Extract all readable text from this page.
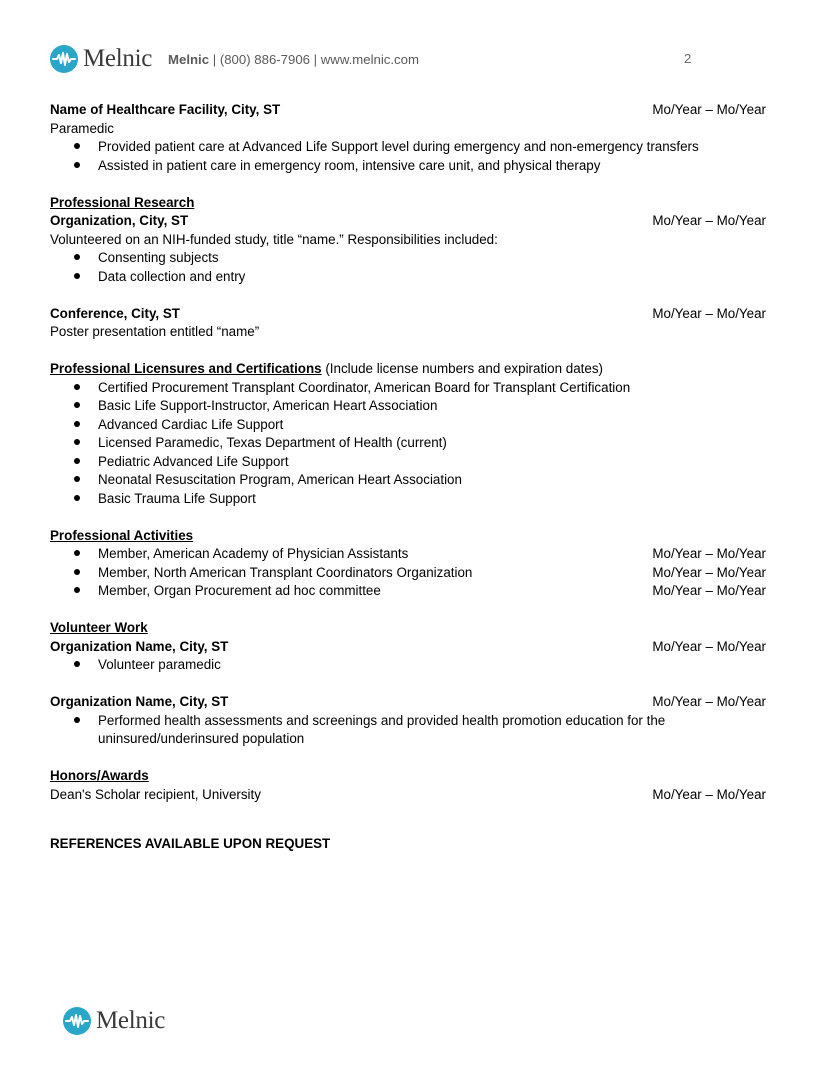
Melnic Melnic | (800) 886-7906 | www.melnic.com	2
Name of Healthcare Facility, City, ST	Mo/Year – Mo/Year
Paramedic
Provided patient care at Advanced Life Support level during emergency and non-emergency transfers
Assisted in patient care in emergency room, intensive care unit, and physical therapy
Professional Research
Organization, City, ST	Mo/Year – Mo/Year
Volunteered on an NIH-funded study, title “name.” Responsibilities included:
Consenting subjects
Data collection and entry
Conference, City, ST	Mo/Year – Mo/Year
Poster presentation entitled “name”
Professional Licensures and Certifications (Include license numbers and expiration dates)
Certified Procurement Transplant Coordinator, American Board for Transplant Certification
Basic Life Support-Instructor, American Heart Association
Advanced Cardiac Life Support
Licensed Paramedic, Texas Department of Health (current)
Pediatric Advanced Life Support
Neonatal Resuscitation Program, American Heart Association
Basic Trauma Life Support
Professional Activities
Member, American Academy of Physician Assistants	Mo/Year – Mo/Year
Member, North American Transplant Coordinators Organization	Mo/Year – Mo/Year
Member, Organ Procurement ad hoc committee	Mo/Year – Mo/Year
Volunteer Work
Organization Name, City, ST	Mo/Year – Mo/Year
Volunteer paramedic
Organization Name, City, ST	Mo/Year – Mo/Year
Performed health assessments and screenings and provided health promotion education for the uninsured/underinsured population
Honors/Awards
Dean's Scholar recipient, University	Mo/Year – Mo/Year
REFERENCES AVAILABLE UPON REQUEST
Melnic
